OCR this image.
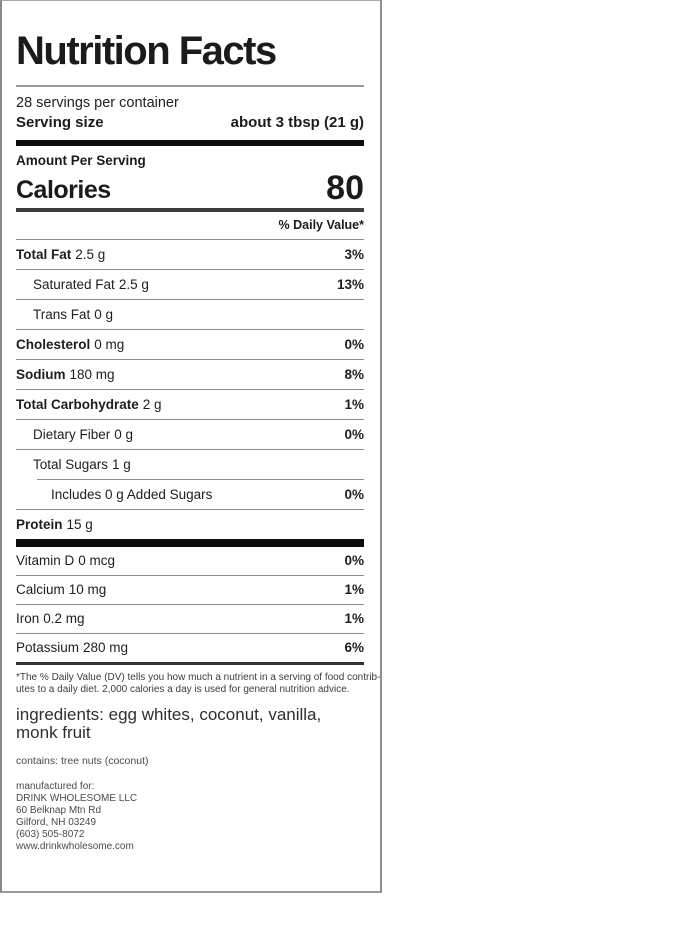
Nutrition Facts
28 servings per container
Serving size	about 3 tbsp (21 g)
Amount Per Serving
Calories	80
% Daily Value*
Total Fat 2.5 g	3%
Saturated Fat 2.5 g	13%
Trans Fat 0 g
Cholesterol 0 mg	0%
Sodium 180 mg	8%
Total Carbohydrate 2 g	1%
Dietary Fiber 0 g	0%
Total Sugars 1 g
Includes 0 g Added Sugars	0%
Protein 15 g
Vitamin D 0 mcg	0%
Calcium 10 mg	1%
Iron 0.2 mg	1%
Potassium 280 mg	6%
*The % Daily Value (DV) tells you how much a nutrient in a serving of food contrib-
utes to a daily diet. 2,000 calories a day is used for general nutrition advice.
ingredients: egg whites, coconut, vanilla,
monk fruit
contains: tree nuts (coconut)
manufactured for:
DRINK WHOLESOME LLC
60 Belknap Mtn Rd
Gilford, NH 03249
(603) 505-8072
www.drinkwholesome.com
